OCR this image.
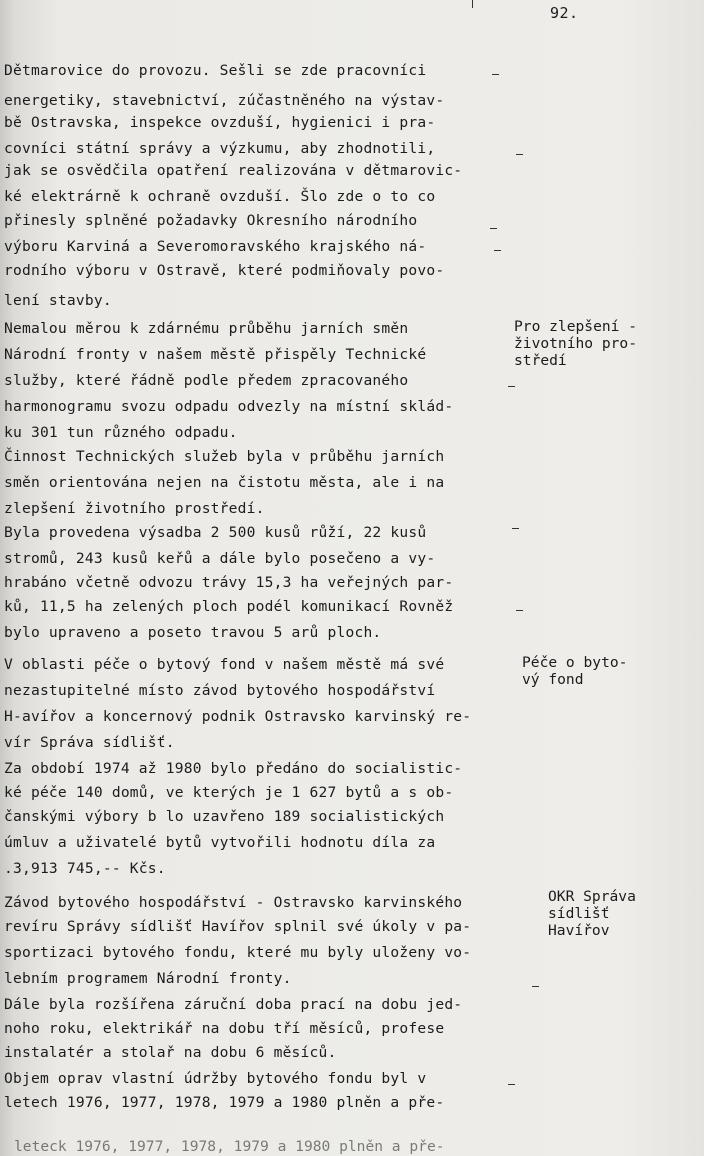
92.
Dětmarovice do provozu. Sešli se zde pracovníci
energetiky, stavebnictví, zúčastněného na výstav-
bě Ostravska, inspekce ovzduší, hygienici i pra-
covníci státní správy a výzkumu, aby zhodnotili,
jak se osvědčila opatření realizována v dětmarovic-
ké elektrárně k ochraně ovzduší. Šlo zde o to co
přinesly splněné požadavky Okresního národního
výboru Karviná a Severomoravského krajského ná-
rodního výboru v Ostravě, které podmiňovaly povo-
lení stavby.
Nemalou měrou k zdárnému průběhu jarních směn
Národní fronty v našem městě přispěly Technické
služby, které řádně podle předem zpracovaného
harmonogramu svozu odpadu odvezly na místní sklád-
ku 301 tun různého odpadu.
Činnost Technických služeb byla v průběhu jarních
směn orientována nejen na čistotu města, ale i na
zlepšení životního prostředí.
Byla provedena výsadba 2 500 kusů růží, 22 kusů
stromů, 243 kusů keřů a dále bylo posečeno a vy-
hrabáno včetně odvozu trávy 15,3 ha veřejných par-
ků, 11,5 ha zelených ploch podél komunikací Rovněž
bylo upraveno a poseto travou 5 arů ploch.
V oblasti péče o bytový fond v našem městě má své
nezastupitelné místo závod bytového hospodářství
H-avířov a koncernový podnik Ostravsko karvinský re-
vír Správa sídlišť.
Za období 1974 až 1980 bylo předáno do socialistic-
ké péče 140 domů, ve kterých je 1 627 bytů a s ob-
čanskými výbory b lo uzavřeno 189 socialistických
úmluv a uživatelé bytů vytvořili hodnotu díla za
.3,913 745,-- Kčs.
Závod bytového hospodářství - Ostravsko karvinského
revíru Správy sídlišť Havířov splnil své úkoly v pa-
sportizaci bytového fondu, které mu byly uloženy vo-
lebním programem Národní fronty.
Dále byla rozšířena záruční doba prací na dobu jed-
noho roku, elektrikář na dobu tří měsíců, profese
instalatér a stolař na dobu 6 měsíců.
Objem oprav vlastní údržby bytového fondu byl v
letech 1976, 1977, 1978, 1979 a 1980 plněn a pře-
Pro zlepšení -
životního pro-
středí
Péče o byto-
vý fond
OKR Správa
sídlišť
Havířov
leteck 1976, 1977, 1978, 1979 a 1980 plněn a pře-
